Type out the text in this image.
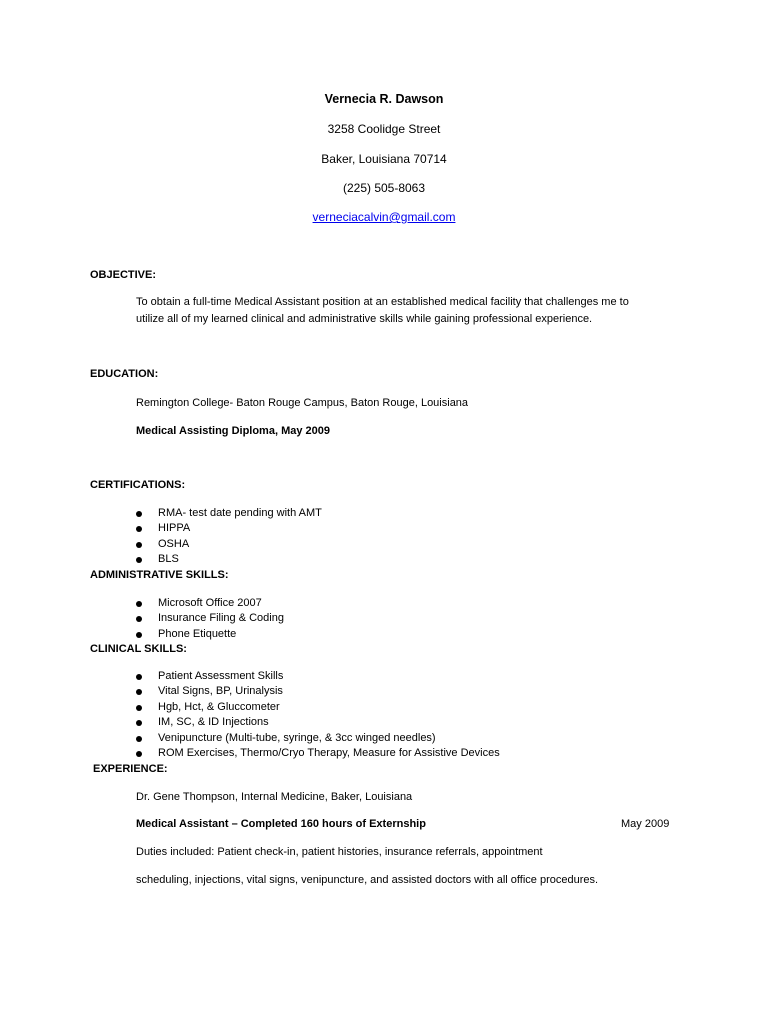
Vernecia R. Dawson
3258 Coolidge Street
Baker, Louisiana 70714
(225) 505-8063
verneciacalvin@gmail.com
OBJECTIVE:
To obtain a full-time Medical Assistant position at an established medical facility that challenges me to
utilize all of my learned clinical and administrative skills while gaining professional experience.
EDUCATION:
Remington College- Baton Rouge Campus, Baton Rouge, Louisiana
Medical Assisting Diploma, May 2009
CERTIFICATIONS:
RMA- test date pending with AMT
HIPPA
OSHA
BLS
ADMINISTRATIVE SKILLS:
Microsoft Office 2007
Insurance Filing & Coding
Phone Etiquette
CLINICAL SKILLS:
Patient Assessment Skills
Vital Signs, BP, Urinalysis
Hgb, Hct, & Gluccometer
IM, SC, & ID Injections
Venipuncture (Multi-tube, syringe, & 3cc winged needles)
ROM Exercises, Thermo/Cryo Therapy, Measure for Assistive Devices
EXPERIENCE:
Dr. Gene Thompson, Internal Medicine, Baker, Louisiana
Medical Assistant – Completed 160 hours of Externship	May 2009
Duties included: Patient check-in, patient histories, insurance referrals, appointment
scheduling, injections, vital signs, venipuncture, and assisted doctors with all office procedures.
